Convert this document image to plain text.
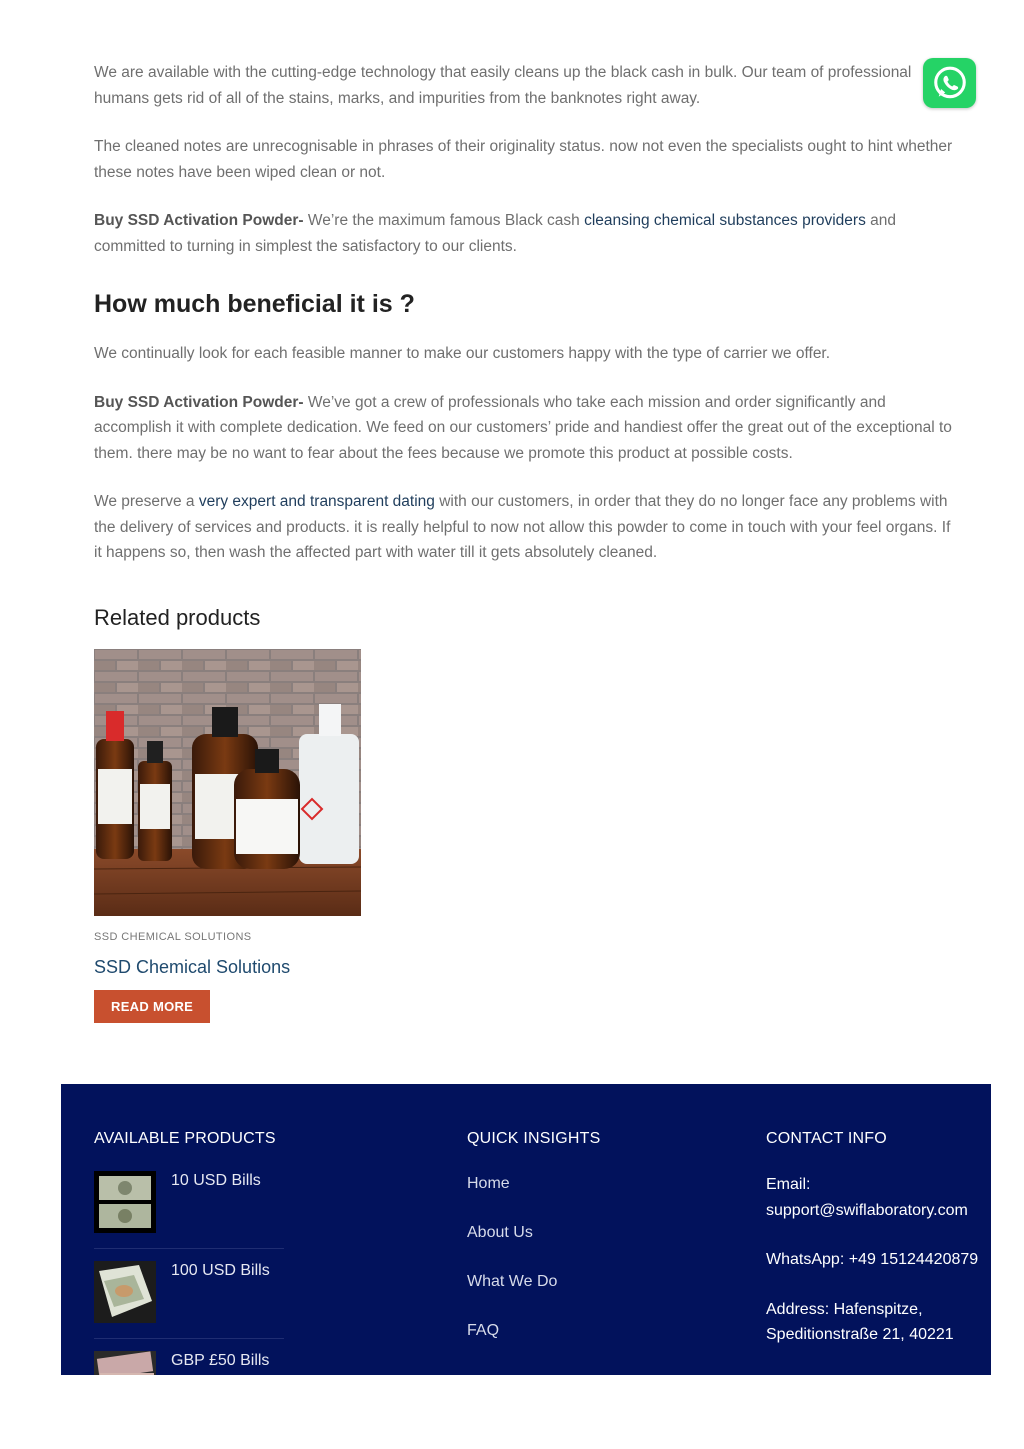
We are available with the cutting-edge technology that easily cleans up the black cash in bulk. Our team of professional humans gets rid of all of the stains, marks, and impurities from the banknotes right away.

The cleaned notes are unrecognisable in phrases of their originality status. now not even the specialists ought to hint whether these notes have been wiped clean or not.

Buy SSD Activation Powder- We’re the maximum famous Black cash cleansing chemical substances providers and committed to turning in simplest the satisfactory to our clients.

How much beneficial it is ?

We continually look for each feasible manner to make our customers happy with the type of carrier we offer.

Buy SSD Activation Powder- We’ve got a crew of professionals who take each mission and order significantly and accomplish it with complete dedication. We feed on our customers’ pride and handiest offer the great out of the exceptional to them. there may be no want to fear about the fees because we promote this product at possible costs.

We preserve a very expert and transparent dating with our customers, in order that they do no longer face any problems with the delivery of services and products. it is really helpful to now not allow this powder to come in touch with your feel organs. If it happens so, then wash the affected part with water till it gets absolutely cleaned.

Related products
SSD CHEMICAL SOLUTIONS
SSD Chemical Solutions
READ MORE
AVAILABLE PRODUCTS
10 USD Bills
100 USD Bills
GBP £50 Bills
QUICK INSIGHTS
Home
About Us
What We Do
FAQ
CONTACT INFO

Email: support@swiflaboratory.com

WhatsApp: +49 15124420879

Address: Hafenspitze, Speditionstraße 21, 40221
